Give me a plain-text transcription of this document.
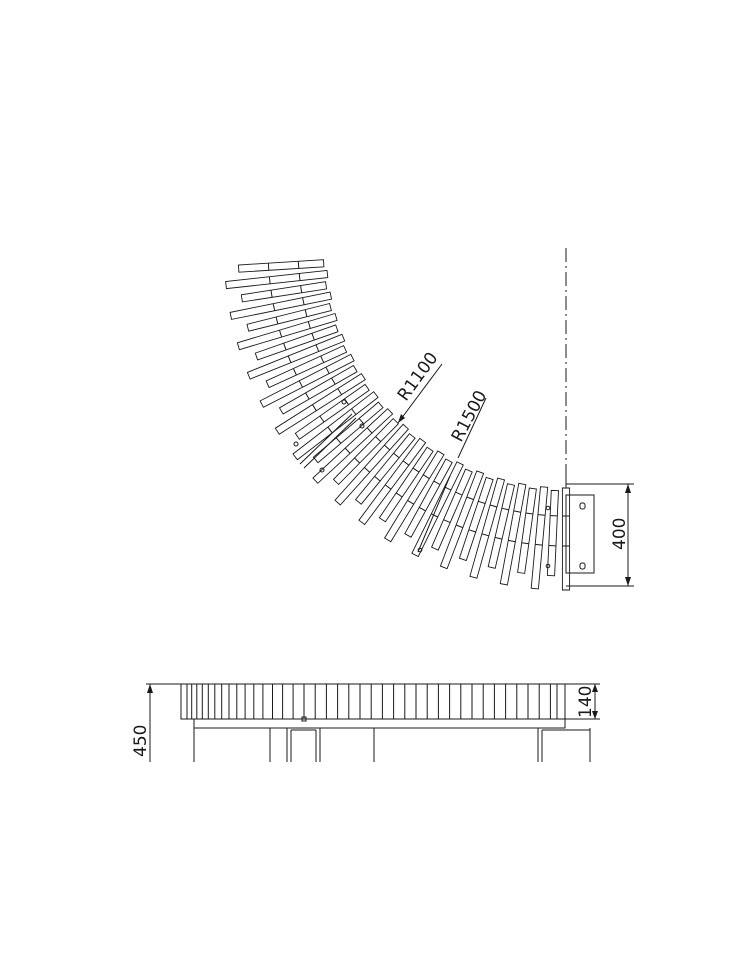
R1100
R1500
400
450
140
